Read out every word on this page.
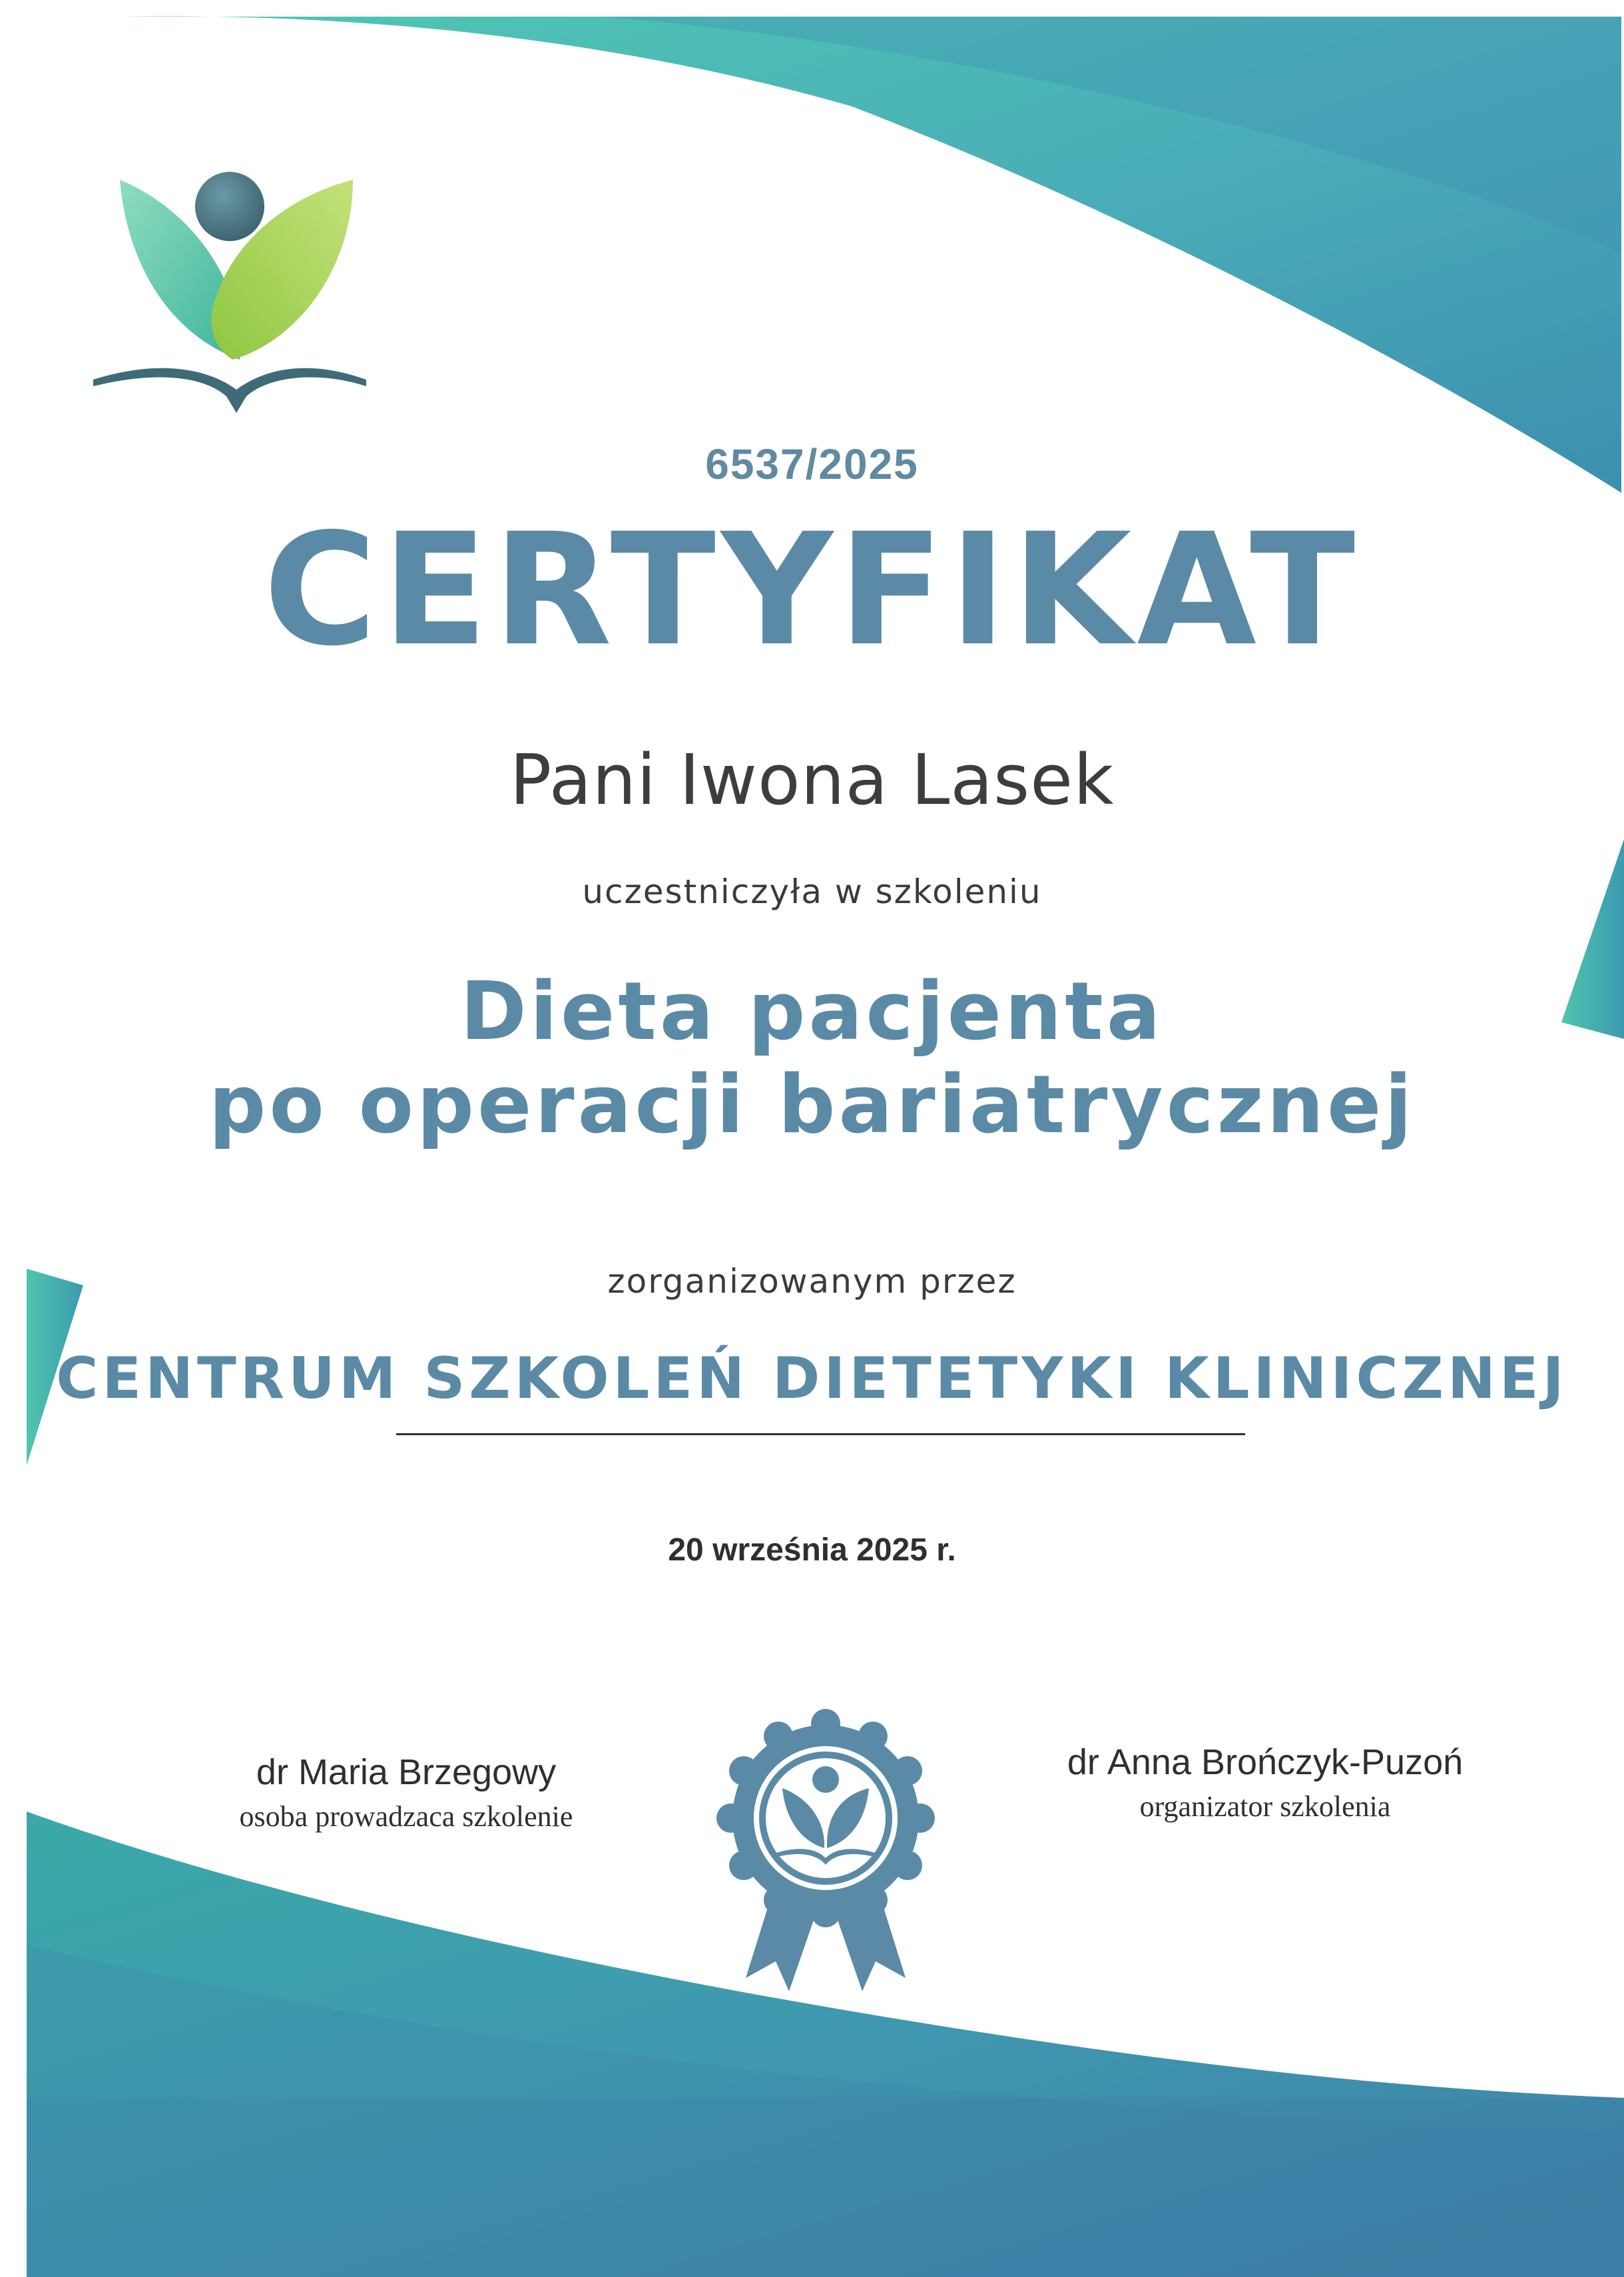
6537/2025

CERTYFIKAT

Pani Iwona Lasek

uczestniczyła w szkoleniu

Dieta pacjenta
po operacji bariatrycznej

zorganizowanym przez

CENTRUM SZKOLEŃ DIETETYKI KLINICZNEJ

20 września 2025 r.

dr Maria Brzegowy
osoba prowadzaca szkolenie
dr Anna Brończyk-Puzoń
organizator szkolenia
